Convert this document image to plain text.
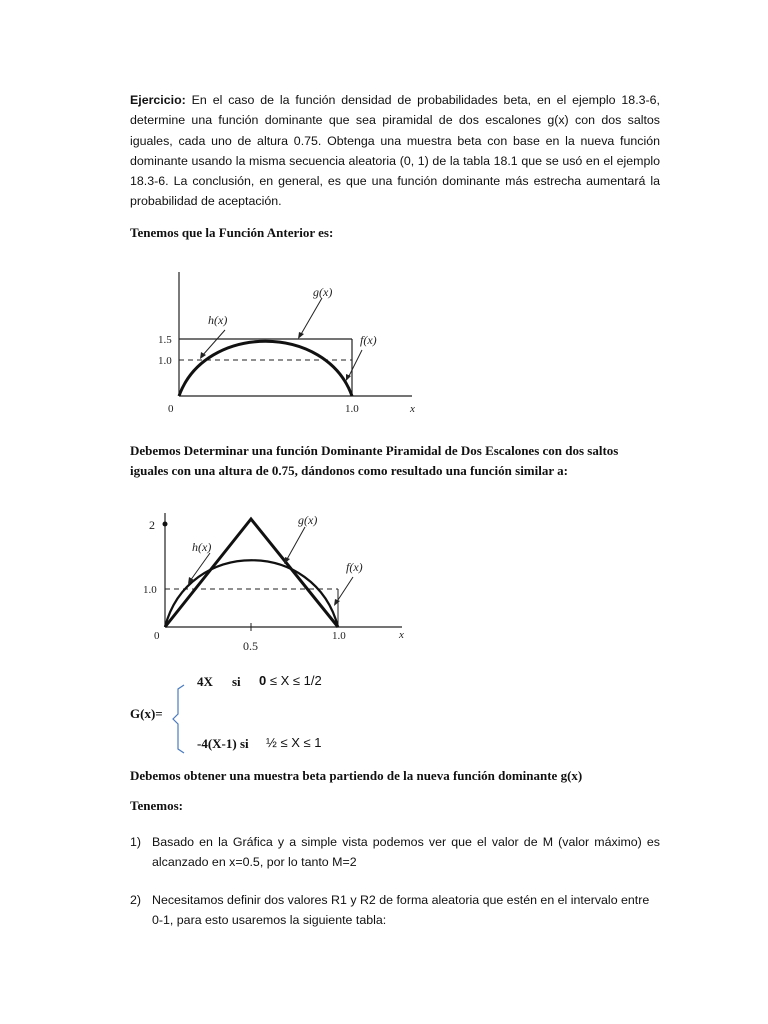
Ejercicio: En el caso de la función densidad de probabilidades beta, en el ejemplo 18.3-6, determine una función dominante que sea piramidal de dos escalones g(x) con dos saltos iguales, cada uno de altura 0.75. Obtenga una muestra beta con base en la nueva función dominante usando la misma secuencia aleatoria (0, 1) de la tabla 18.1 que se usó en el ejemplo 18.3-6. La conclusión, en general, es que una función dominante más estrecha aumentará la probabilidad de aceptación.
Tenemos que la Función Anterior es:
h(x)
g(x)
f(x)
1.5
1.0
0	1.0	x
Debemos Determinar una función Dominante Piramidal de Dos Escalones con dos saltos
iguales con una altura de 0.75, dándonos como resultado una función similar a:
h(x)
g(x)
f(x)
2
1.0
0	1.0	x
0.5
G(x)=
4X si 0 ≤ X ≤ 1/2
-4(X-1) si ½ ≤ X ≤ 1
Debemos obtener una muestra beta partiendo de la nueva función dominante g(x)
Tenemos:
1) Basado en la Gráfica y a simple vista podemos ver que el valor de M (valor máximo) es alcanzado en x=0.5, por lo tanto M=2
2) Necesitamos definir dos valores R1 y R2 de forma aleatoria que estén en el intervalo entre 0-1, para esto usaremos la siguiente tabla:
